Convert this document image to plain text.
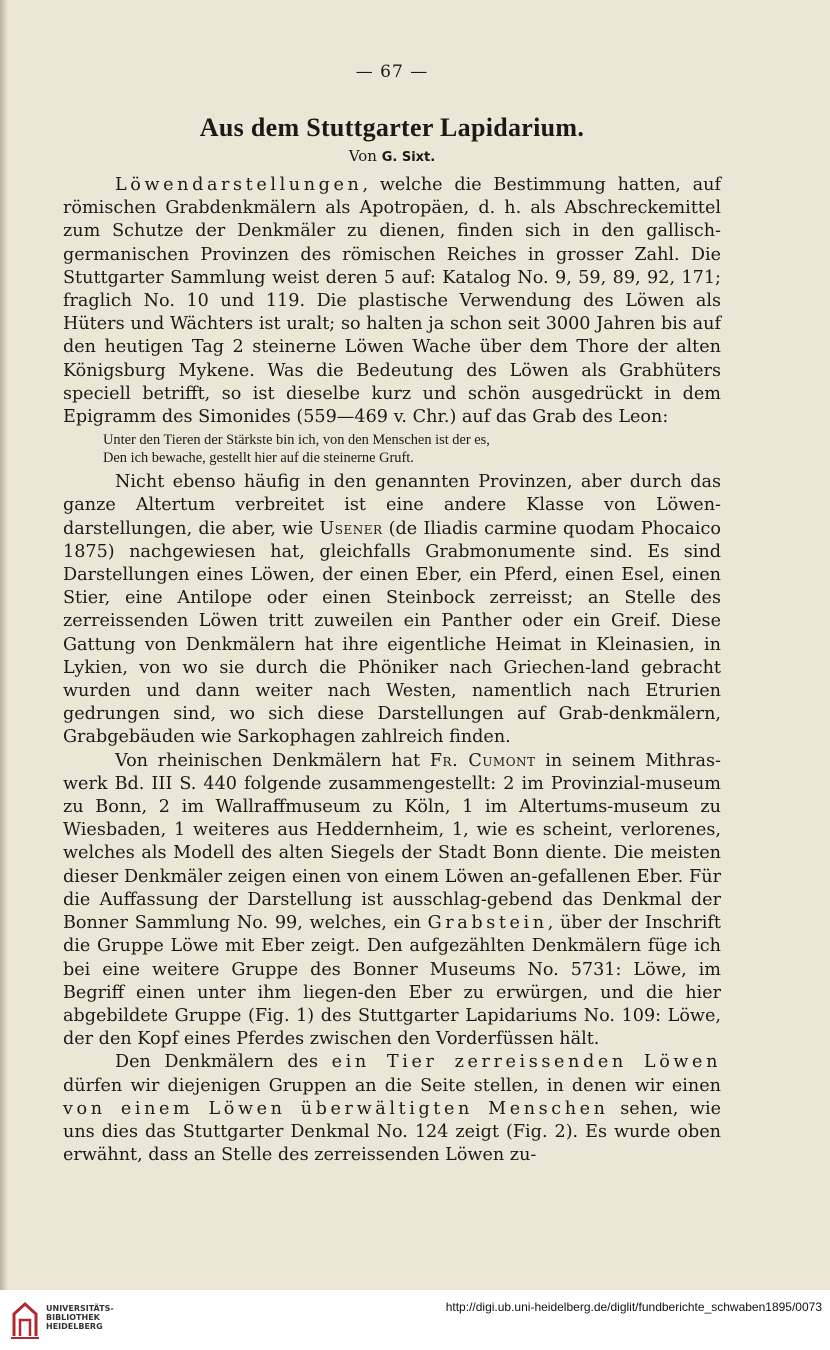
— 67 —
Aus dem Stuttgarter Lapidarium.
Von G. Sixt.

Löwendarstellungen, welche die Bestimmung hatten, auf römischen Grabdenkmälern als Apotropäen, d. h. als Abschreckemittel zum Schutze der Denkmäler zu dienen, finden sich in den gallisch-germanischen Provinzen des römischen Reiches in grosser Zahl. Die Stuttgarter Sammlung weist deren 5 auf: Katalog No. 9, 59, 89, 92, 171; fraglich No. 10 und 119. Die plastische Verwendung des Löwen als Hüters und Wächters ist uralt; so halten ja schon seit 3000 Jahren bis auf den heutigen Tag 2 steinerne Löwen Wache über dem Thore der alten Königsburg Mykene. Was die Bedeutung des Löwen als Grabhüters speciell betrifft, so ist dieselbe kurz und schön ausgedrückt in dem Epigramm des Simonides (559—469 v. Chr.) auf das Grab des Leon:

Unter den Tieren der Stärkste bin ich, von den Menschen ist der es,
Den ich bewache, gestellt hier auf die steinerne Gruft.

Nicht ebenso häufig in den genannten Provinzen, aber durch das ganze Altertum verbreitet ist eine andere Klasse von Löwen-darstellungen, die aber, wie Usener (de Iliadis carmine quodam Phocaico 1875) nachgewiesen hat, gleichfalls Grabmonumente sind. Es sind Darstellungen eines Löwen, der einen Eber, ein Pferd, einen Esel, einen Stier, eine Antilope oder einen Steinbock zerreisst; an Stelle des zerreissenden Löwen tritt zuweilen ein Panther oder ein Greif. Diese Gattung von Denkmälern hat ihre eigentliche Heimat in Kleinasien, in Lykien, von wo sie durch die Phöniker nach Griechen-land gebracht wurden und dann weiter nach Westen, namentlich nach Etrurien gedrungen sind, wo sich diese Darstellungen auf Grab-denkmälern, Grabgebäuden wie Sarkophagen zahlreich finden.

Von rheinischen Denkmälern hat Fr. Cumont in seinem Mithras-werk Bd. III S. 440 folgende zusammengestellt: 2 im Provinzial-museum zu Bonn, 2 im Wallraffmuseum zu Köln, 1 im Altertums-museum zu Wiesbaden, 1 weiteres aus Heddernheim, 1, wie es scheint, verlorenes, welches als Modell des alten Siegels der Stadt Bonn diente. Die meisten dieser Denkmäler zeigen einen von einem Löwen an-gefallenen Eber. Für die Auffassung der Darstellung ist ausschlag-gebend das Denkmal der Bonner Sammlung No. 99, welches, ein Grabstein, über der Inschrift die Gruppe Löwe mit Eber zeigt. Den aufgezählten Denkmälern füge ich bei eine weitere Gruppe des Bonner Museums No. 5731: Löwe, im Begriff einen unter ihm liegen-den Eber zu erwürgen, und die hier abgebildete Gruppe (Fig. 1) des Stuttgarter Lapidariums No. 109: Löwe, der den Kopf eines Pferdes zwischen den Vorderfüssen hält.

Den Denkmälern des ein Tier zerreissenden Löwen dürfen wir diejenigen Gruppen an die Seite stellen, in denen wir einen von einem Löwen überwältigten Menschen sehen, wie uns dies das Stuttgarter Denkmal No. 124 zeigt (Fig. 2). Es wurde oben erwähnt, dass an Stelle des zerreissenden Löwen zu-

UNIVERSITÄTS-
BIBLIOTHEK
HEIDELBERG
http://digi.ub.uni-heidelberg.de/diglit/fundberichte_schwaben1895/0073
